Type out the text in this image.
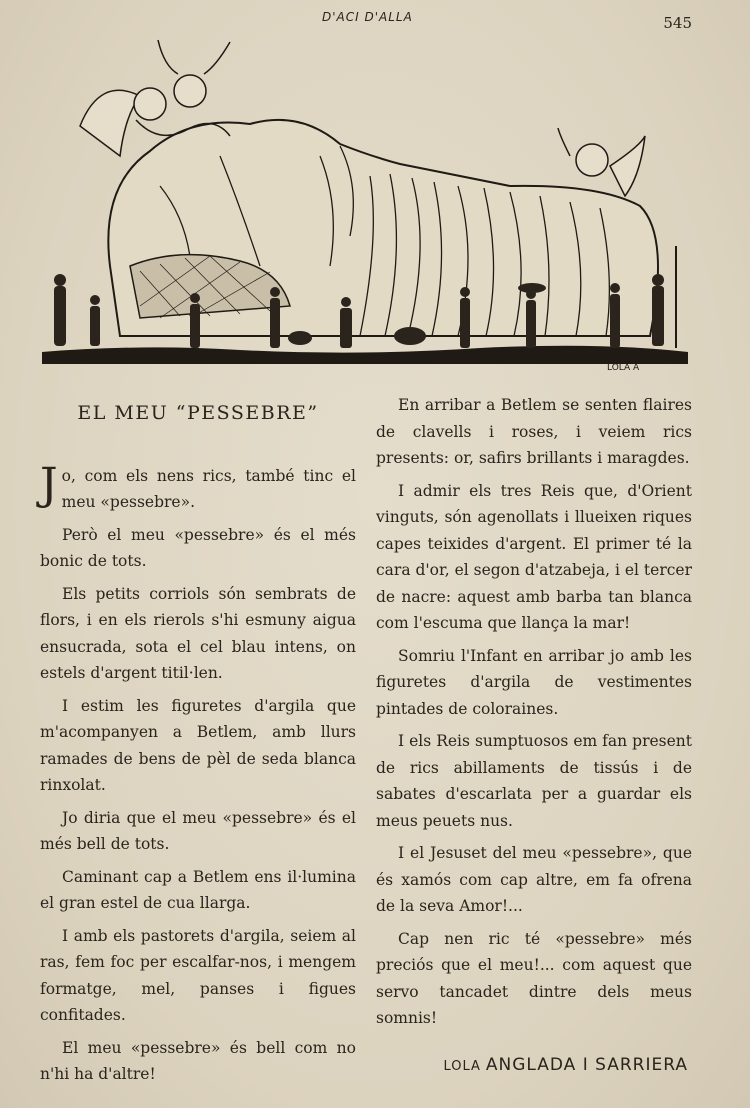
D'ACI D'ALLA	545
LOLA A
EL MEU “PESSEBRE”

Jo, com els nens rics, també tinc el meu «pessebre».

Però el meu «pessebre» és el més bonic de tots.

Els petits corriols són sembrats de flors, i en els rierols s'hi esmuny aigua ensucrada, sota el cel blau intens, on estels d'argent titil·len.

I estim les figuretes d'argila que m'acompanyen a Betlem, amb llurs ramades de bens de pèl de seda blanca rinxolat.

Jo diria que el meu «pessebre» és el més bell de tots.

Caminant cap a Betlem ens il·lumina el gran estel de cua llarga.

I amb els pastorets d'argila, seiem al ras, fem foc per escalfar-nos, i mengem formatge, mel, panses i figues confitades.

El meu «pessebre» és bell com no n'hi ha d'altre!

En arribar a Betlem se senten flaires de clavells i roses, i veiem rics presents: or, safirs brillants i maragdes.

I admir els tres Reis que, d'Orient vinguts, són agenollats i llueixen riques capes teixides d'argent. El primer té la cara d'or, el segon d'atzabeja, i el tercer de nacre: aquest amb barba tan blanca com l'escuma que llança la mar!

Somriu l'Infant en arribar jo amb les figuretes d'argila de vestimentes pintades de coloraines.

I els Reis sumptuosos em fan present de rics abillaments de tissús i de sabates d'escarlata per a guardar els meus peuets nus.

I el Jesuset del meu «pessebre», que és xamós com cap altre, em fa ofrena de la seva Amor!...

Cap nen ric té «pessebre» més preciós que el meu!... com aquest que servo tancadet dintre dels meus somnis!

LOLA ANGLADA I SARRIERA
